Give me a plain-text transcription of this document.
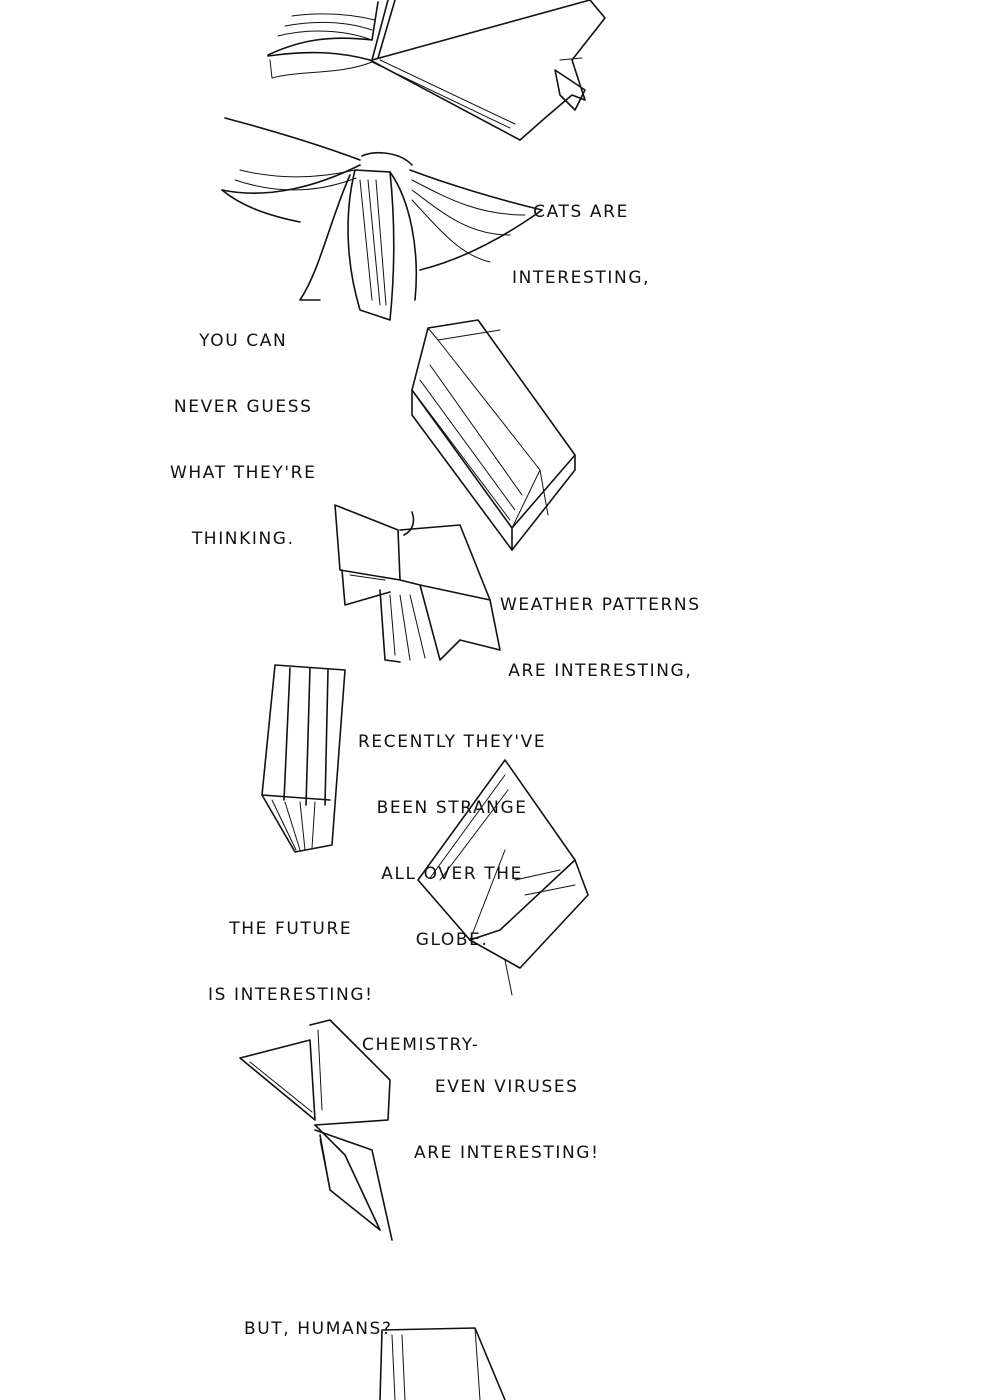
CATS ARE

INTERESTING,

YOU CAN

NEVER GUESS

WHAT THEY'RE

THINKING.

WEATHER PATTERNS

ARE INTERESTING,

RECENTLY THEY'VE

BEEN STRANGE

ALL OVER THE

GLOBE.

THE FUTURE

IS INTERESTING!

CHEMISTRY-

EVEN VIRUSES

ARE INTERESTING!

BUT, HUMANS?
